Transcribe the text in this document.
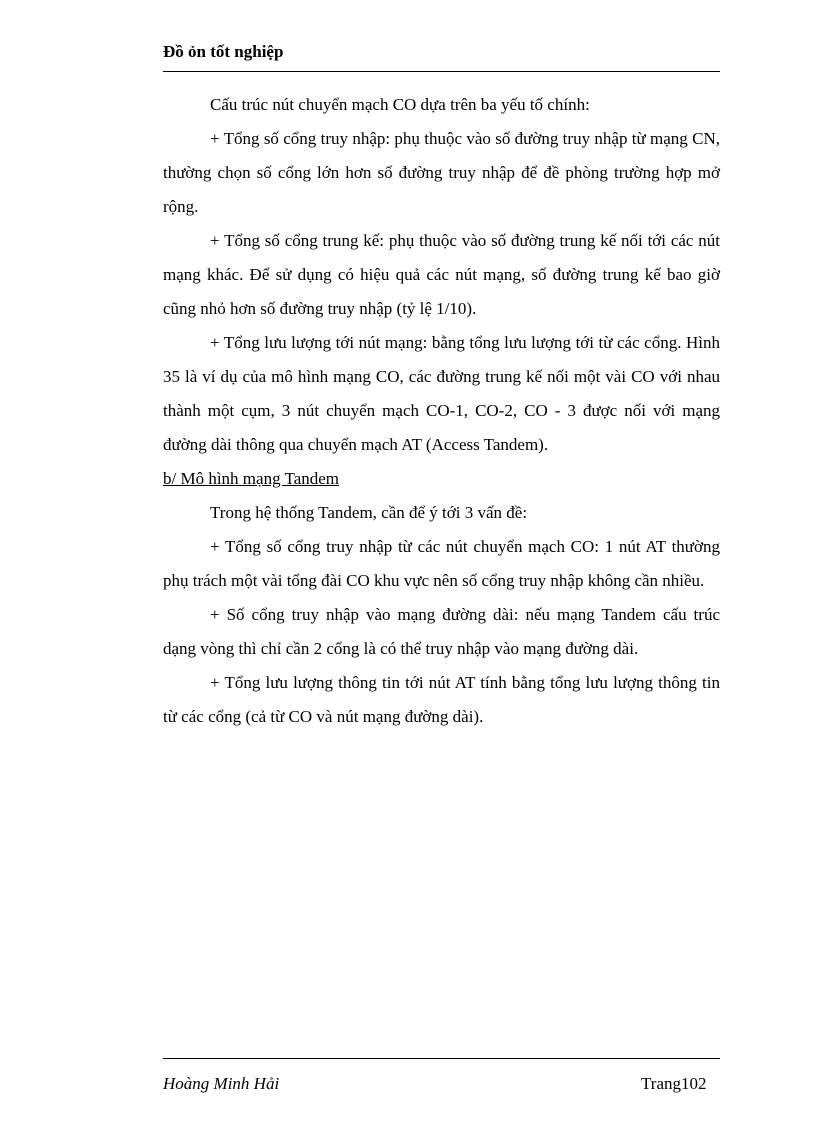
Đồ ỏn tốt nghiệp

Cấu trúc nút chuyển mạch CO dựa trên ba yếu tố chính:

+ Tổng số cổng truy nhập: phụ thuộc vào số đường truy nhập từ mạng CN, thường chọn số cổng lớn hơn số đường truy nhập để đề phòng trường hợp mở rộng.

+ Tổng số cổng trung kế: phụ thuộc vào số đường trung kế nối tới các nút mạng khác. Để sử dụng có hiệu quả các nút mạng, số đường trung kế bao giờ cũng nhỏ hơn số đường truy nhập (tỷ lệ 1/10).

+ Tổng lưu lượng tới nút mạng: bằng tổng lưu lượng tới từ các cổng. Hình 35 là ví dụ của mô hình mạng CO, các đường trung kế nối một vài CO với nhau thành một cụm, 3 nút chuyển mạch CO-1, CO-2, CO - 3 được nối với mạng đường dài thông qua chuyển mạch AT (Access Tandem).

b/ Mô hình mạng Tandem

Trong hệ thống Tandem, cần để ý tới 3 vấn đề:

+ Tổng số cổng truy nhập từ các nút chuyển mạch CO: 1 nút AT thường phụ trách một vài tổng đài CO khu vực nên số cổng truy nhập không cần nhiều.

+ Số cổng truy nhập vào mạng đường dài: nếu mạng Tandem cấu trúc dạng vòng thì chỉ cần 2 cổng là có thể truy nhập vào mạng đường dài.

+ Tổng lưu lượng thông tin tới nút AT tính bằng tổng lưu lượng thông tin từ các cổng (cả từ CO và nút mạng đường dài).

Hoàng Minh Hải	Trang102
